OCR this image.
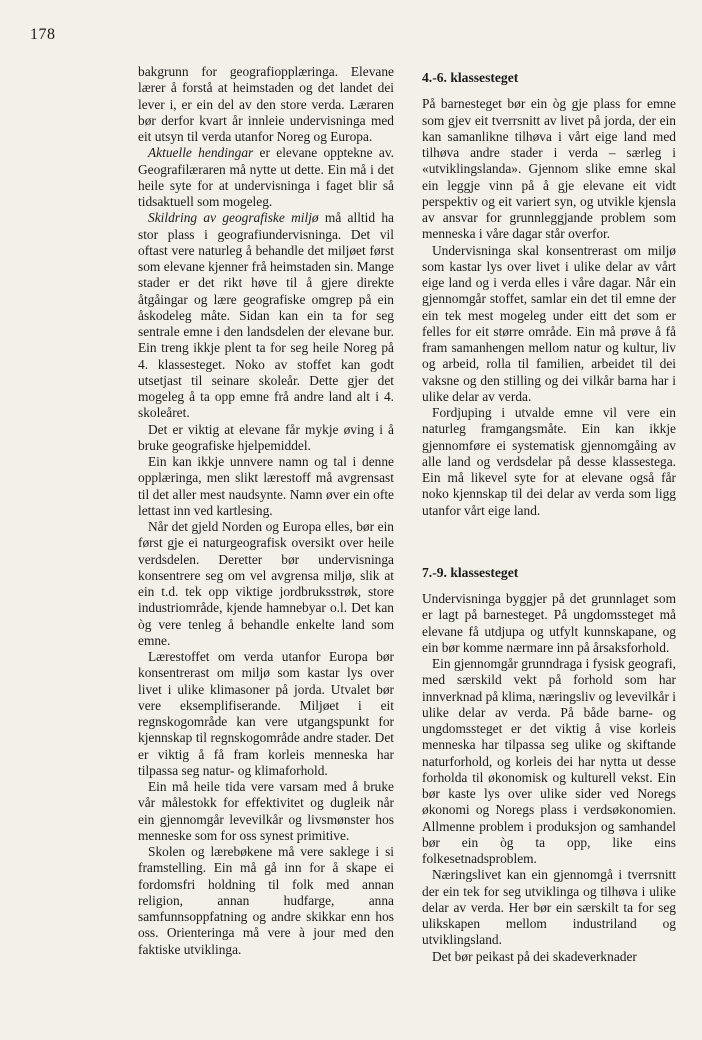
178

bakgrunn for geografiopplæringa. Elevane lærer å forstå at heimstaden og det landet dei lever i, er ein del av den store verda. Læraren bør derfor kvart år innleie undervisninga med eit utsyn til verda utanfor Noreg og Europa.

Aktuelle hendingar er elevane opptekne av. Geografilæraren må nytte ut dette. Ein må i det heile syte for at undervisninga i faget blir så tidsaktuell som mogeleg.

Skildring av geografiske miljø må alltid ha stor plass i geografiundervisninga. Det vil oftast vere naturleg å behandle det miljøet først som elevane kjenner frå heimstaden sin. Mange stader er det rikt høve til å gjere direkte åtgåingar og lære geografiske omgrep på ein åskodeleg måte. Sidan kan ein ta for seg sentrale emne i den landsdelen der elevane bur. Ein treng ikkje plent ta for seg heile Noreg på 4. klassesteget. Noko av stoffet kan godt utsetjast til seinare skoleår. Dette gjer det mogeleg å ta opp emne frå andre land alt i 4. skoleåret.

Det er viktig at elevane får mykje øving i å bruke geografiske hjelpemiddel.

Ein kan ikkje unnvere namn og tal i denne opplæringa, men slikt lærestoff må avgrensast til det aller mest naudsynte. Namn øver ein ofte lettast inn ved kartlesing.

Når det gjeld Norden og Europa elles, bør ein først gje ei naturgeografisk oversikt over heile verdsdelen. Deretter bør undervisninga konsentrere seg om vel avgrensa miljø, slik at ein t.d. tek opp viktige jordbruksstrøk, store industriområde, kjende hamnebyar o.l. Det kan òg vere tenleg å behandle enkelte land som emne.

Lærestoffet om verda utanfor Europa bør konsentrerast om miljø som kastar lys over livet i ulike klimasoner på jorda. Utvalet bør vere eksemplifiserande. Miljøet i eit regnskogområde kan vere utgangspunkt for kjennskap til regnskogområde andre stader. Det er viktig å få fram korleis menneska har tilpassa seg natur- og klimaforhold.

Ein må heile tida vere varsam med å bruke vår målestokk for effektivitet og dugleik når ein gjennomgår levevilkår og livsmønster hos menneske som for oss synest primitive.

Skolen og lærebøkene må vere saklege i si framstelling. Ein må gå inn for å skape ei fordomsfri holdning til folk med annan religion, annan hudfarge, anna samfunnsoppfatning og andre skikkar enn hos oss. Orienteringa må vere à jour med den faktiske utviklinga.

4.-6. klassesteget

På barnesteget bør ein òg gje plass for emne som gjev eit tverrsnitt av livet på jorda, der ein kan samanlikne tilhøva i vårt eige land med tilhøva andre stader i verda – særleg i «utviklingslanda». Gjennom slike emne skal ein leggje vinn på å gje elevane eit vidt perspektiv og eit variert syn, og utvikle kjensla av ansvar for grunnleggjande problem som menneska i våre dagar står overfor.

Undervisninga skal konsentrerast om miljø som kastar lys over livet i ulike delar av vårt eige land og i verda elles i våre dagar. Når ein gjennomgår stoffet, samlar ein det til emne der ein tek mest mogeleg under eitt det som er felles for eit større område. Ein må prøve å få fram samanhengen mellom natur og kultur, liv og arbeid, rolla til familien, arbeidet til dei vaksne og den stilling og dei vilkår barna har i ulike delar av verda.

Fordjuping i utvalde emne vil vere ein naturleg framgangsmåte. Ein kan ikkje gjennomføre ei systematisk gjennomgåing av alle land og verdsdelar på desse klassestega. Ein må likevel syte for at elevane også får noko kjennskap til dei delar av verda som ligg utanfor vårt eige land.

7.-9. klassesteget

Undervisninga byggjer på det grunnlaget som er lagt på barnesteget. På ungdomssteget må elevane få utdjupa og utfylt kunnskapane, og ein bør komme nærmare inn på årsaksforhold.

Ein gjennomgår grunndraga i fysisk geografi, med særskild vekt på forhold som har innverknad på klima, næringsliv og levevilkår i ulike delar av verda. På både barne- og ungdomssteget er det viktig å vise korleis menneska har tilpassa seg ulike og skiftande naturforhold, og korleis dei har nytta ut desse forholda til økonomisk og kulturell vekst. Ein bør kaste lys over ulike sider ved Noregs økonomi og Noregs plass i verdsøkonomien. Allmenne problem i produksjon og samhandel bør ein òg ta opp, like eins folkesetnadsproblem.

Næringslivet kan ein gjennomgå i tverrsnitt der ein tek for seg utviklinga og tilhøva i ulike delar av verda. Her bør ein særskilt ta for seg ulikskapen mellom industriland og utviklingsland.

Det bør peikast på dei skadeverknader
